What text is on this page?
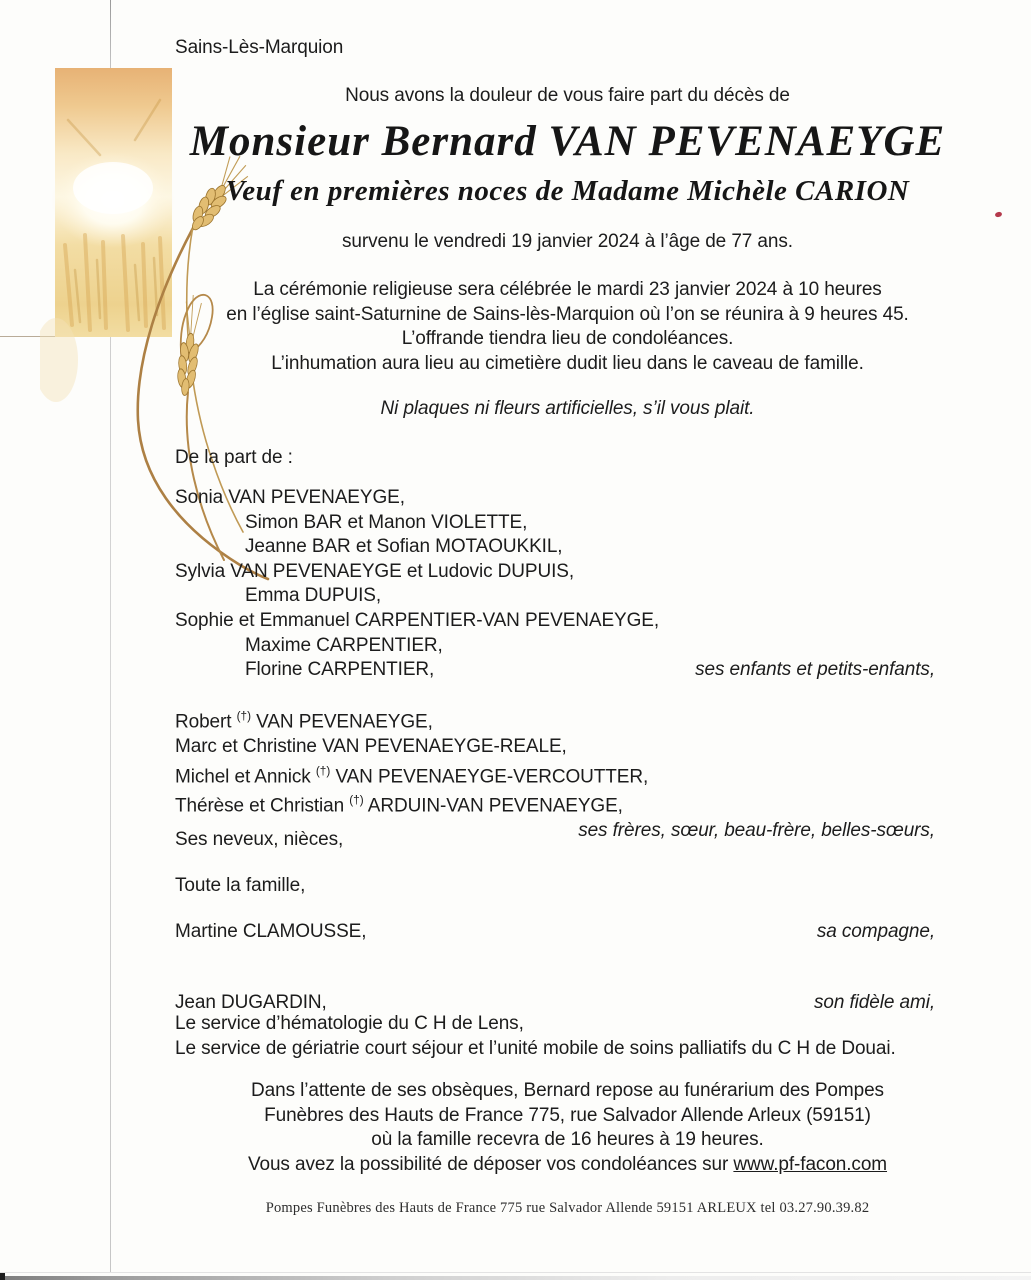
Sains-Lès-Marquion
Nous avons la douleur de vous faire part du décès de
Monsieur Bernard VAN PEVENAEYGE
Veuf en premières noces de Madame Michèle CARION
survenu le vendredi 19 janvier 2024 à l’âge de 77 ans.
La cérémonie religieuse sera célébrée le mardi 23 janvier 2024 à 10 heures
en l’église saint-Saturnine de Sains-lès-Marquion où l’on se réunira à 9 heures 45.
L’offrande tiendra lieu de condoléances.
L’inhumation aura lieu au cimetière dudit lieu dans le caveau de famille.
Ni plaques ni fleurs artificielles, s’il vous plait.
De la part de :
Sonia VAN PEVENAEYGE,
Simon BAR et Manon VIOLETTE,
Jeanne BAR et Sofian MOTAOUKKIL,
Sylvia VAN PEVENAEYGE et Ludovic DUPUIS,
Emma DUPUIS,
Sophie et Emmanuel CARPENTIER-VAN PEVENAEYGE,
Maxime CARPENTIER,
Florine CARPENTIER,	ses enfants et petits-enfants,
Robert (†) VAN PEVENAEYGE,
Marc et Christine VAN PEVENAEYGE-REALE,
Michel et Annick (†) VAN PEVENAEYGE-VERCOUTTER,
Thérèse et Christian (†) ARDUIN-VAN PEVENAEYGE,
ses frères, sœur, beau-frère, belles-sœurs,
Ses neveux, nièces,
Toute la famille,
Martine CLAMOUSSE,	sa compagne,
Jean DUGARDIN,	son fidèle ami,
Le service d’hématologie du C H de Lens,
Le service de gériatrie court séjour et l’unité mobile de soins palliatifs du C H de Douai.
Dans l’attente de ses obsèques, Bernard repose au funérarium des Pompes
Funèbres des Hauts de France 775, rue Salvador Allende Arleux (59151)
où la famille recevra de 16 heures à 19 heures.
Vous avez la possibilité de déposer vos condoléances sur www.pf-facon.com
Pompes Funèbres des Hauts de France 775 rue Salvador Allende 59151 ARLEUX tel 03.27.90.39.82
